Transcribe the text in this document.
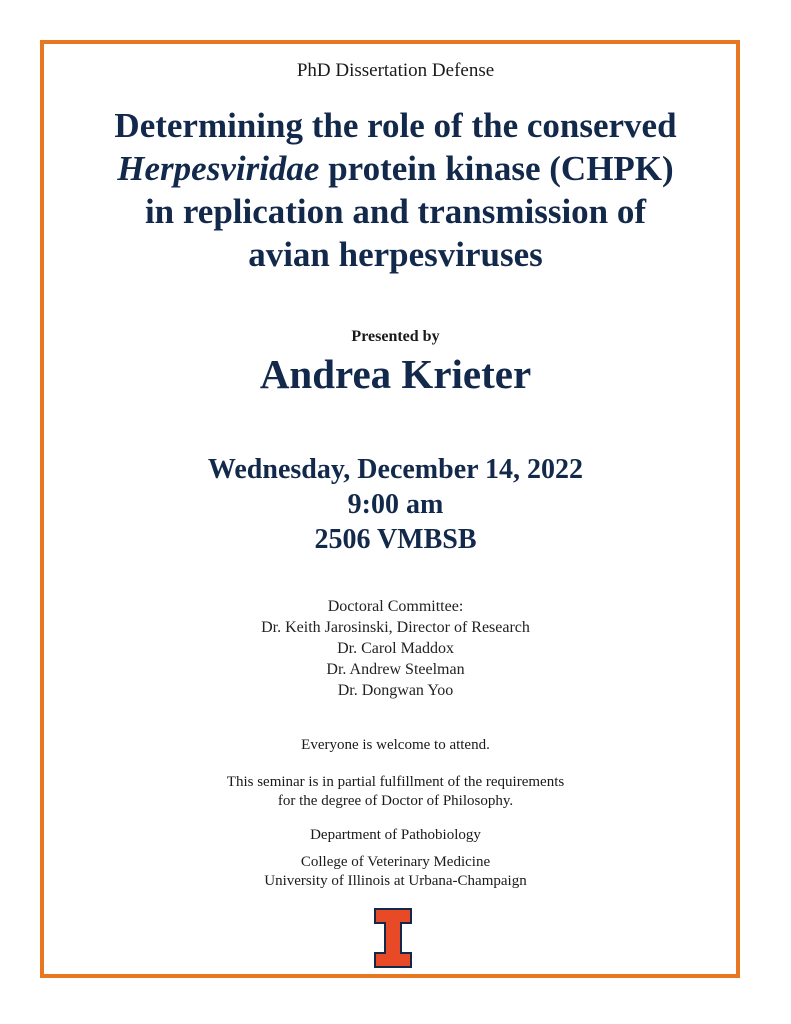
PhD Dissertation Defense
Determining the role of the conserved
Herpesviridae protein kinase (CHPK)
in replication and transmission of
avian herpesviruses
Presented by
Andrea Krieter
Wednesday, December 14, 2022
9:00 am
2506 VMBSB
Doctoral Committee:
Dr. Keith Jarosinski, Director of Research
Dr. Carol Maddox
Dr. Andrew Steelman
Dr. Dongwan Yoo
Everyone is welcome to attend.
This seminar is in partial fulfillment of the requirements
for the degree of Doctor of Philosophy.
Department of Pathobiology
College of Veterinary Medicine
University of Illinois at Urbana-Champaign
